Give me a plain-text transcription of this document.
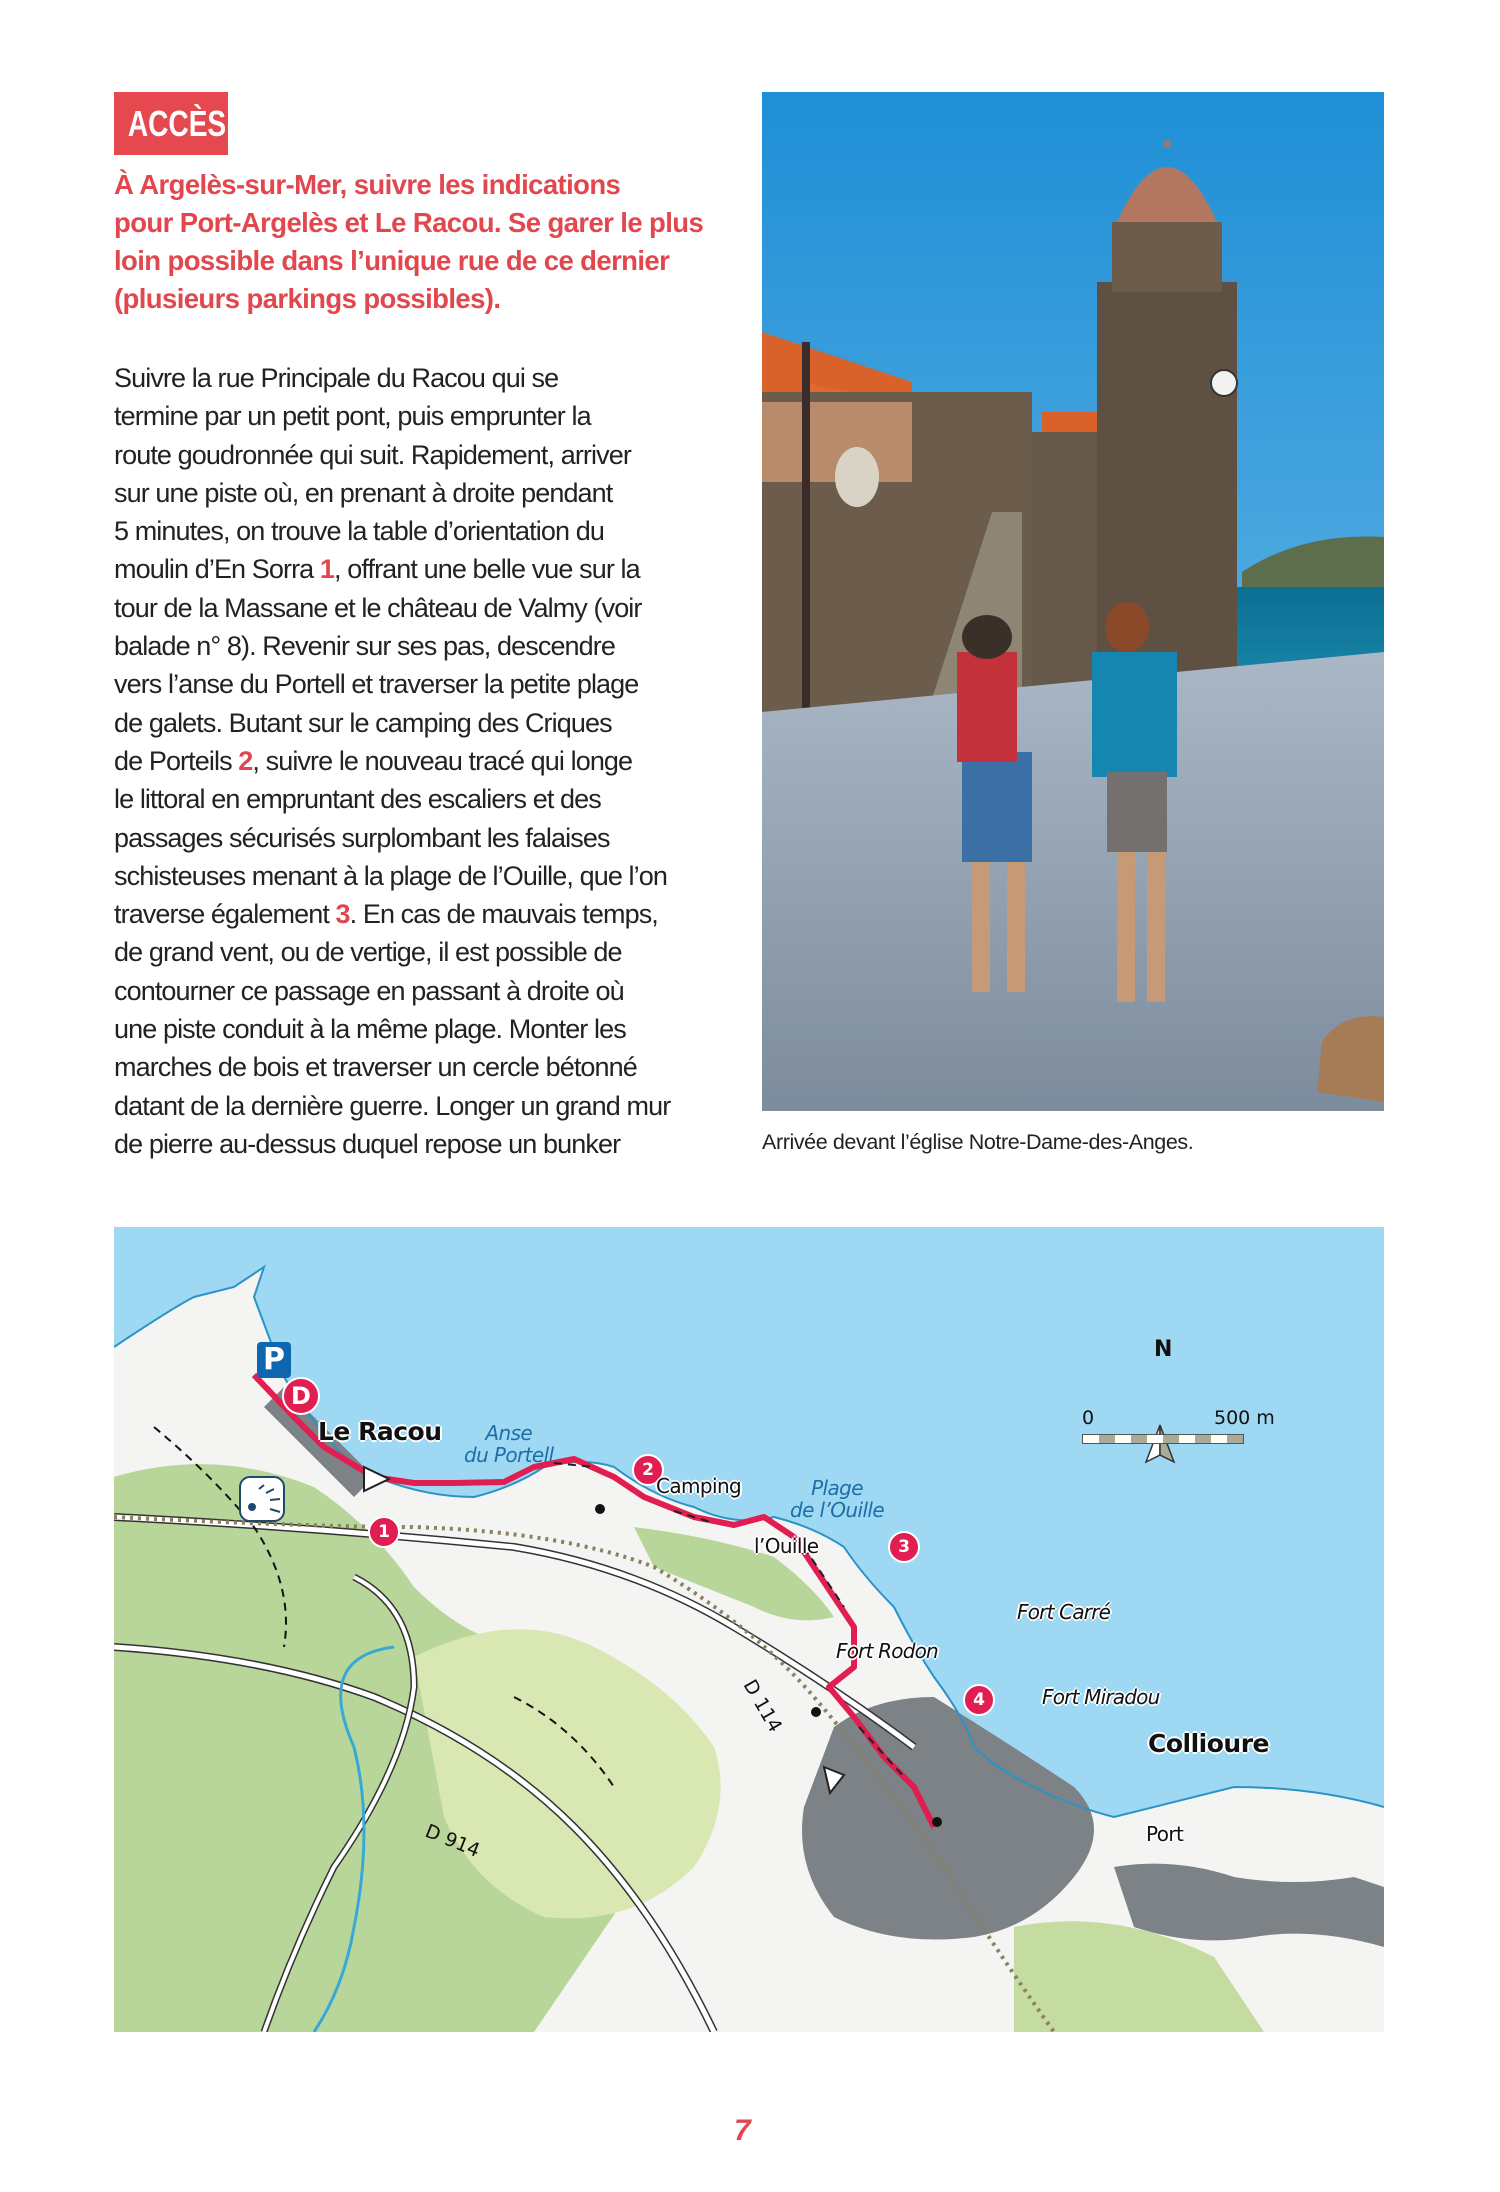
ACCÈS

À Argelès-sur-Mer, suivre les indications

pour Port-Argelès et Le Racou. Se garer le plus

loin possible dans l’unique rue de ce dernier

(plusieurs parkings possibles).

Suivre la rue Principale du Racou qui se

termine par un petit pont, puis emprunter la

route goudronnée qui suit. Rapidement, arriver

sur une piste où, en prenant à droite pendant

5 minutes, on trouve la table d’orientation du

moulin d’En Sorra 1, offrant une belle vue sur la

tour de la Massane et le château de Valmy (voir

balade n° 8). Revenir sur ses pas, descendre

vers l’anse du Portell et traverser la petite plage

de galets. Butant sur le camping des Criques

de Porteils 2, suivre le nouveau tracé qui longe

le littoral en empruntant des escaliers et des

passages sécurisés surplombant les falaises

schisteuses menant à la plage de l’Ouille, que l’on

traverse également 3. En cas de mauvais temps,

de grand vent, ou de vertige, il est possible de

contourner ce passage en passant à droite où

une piste conduit à la même plage. Monter les

marches de bois et traverser un cercle bétonné

datant de la dernière guerre. Longer un grand mur

de pierre au-dessus duquel repose un bunker	Arrivée devant l’église Notre-Dame-des-Anges.
P
D
Le Racou	Anse
du Portell
1
2
Camping	Plage
de l’Ouille
l’Ouille	3
Fort Carré
Fort Rodon
4	Fort Miradou
Collioure
Port
D 114
D 914
N
0	500 m
7
